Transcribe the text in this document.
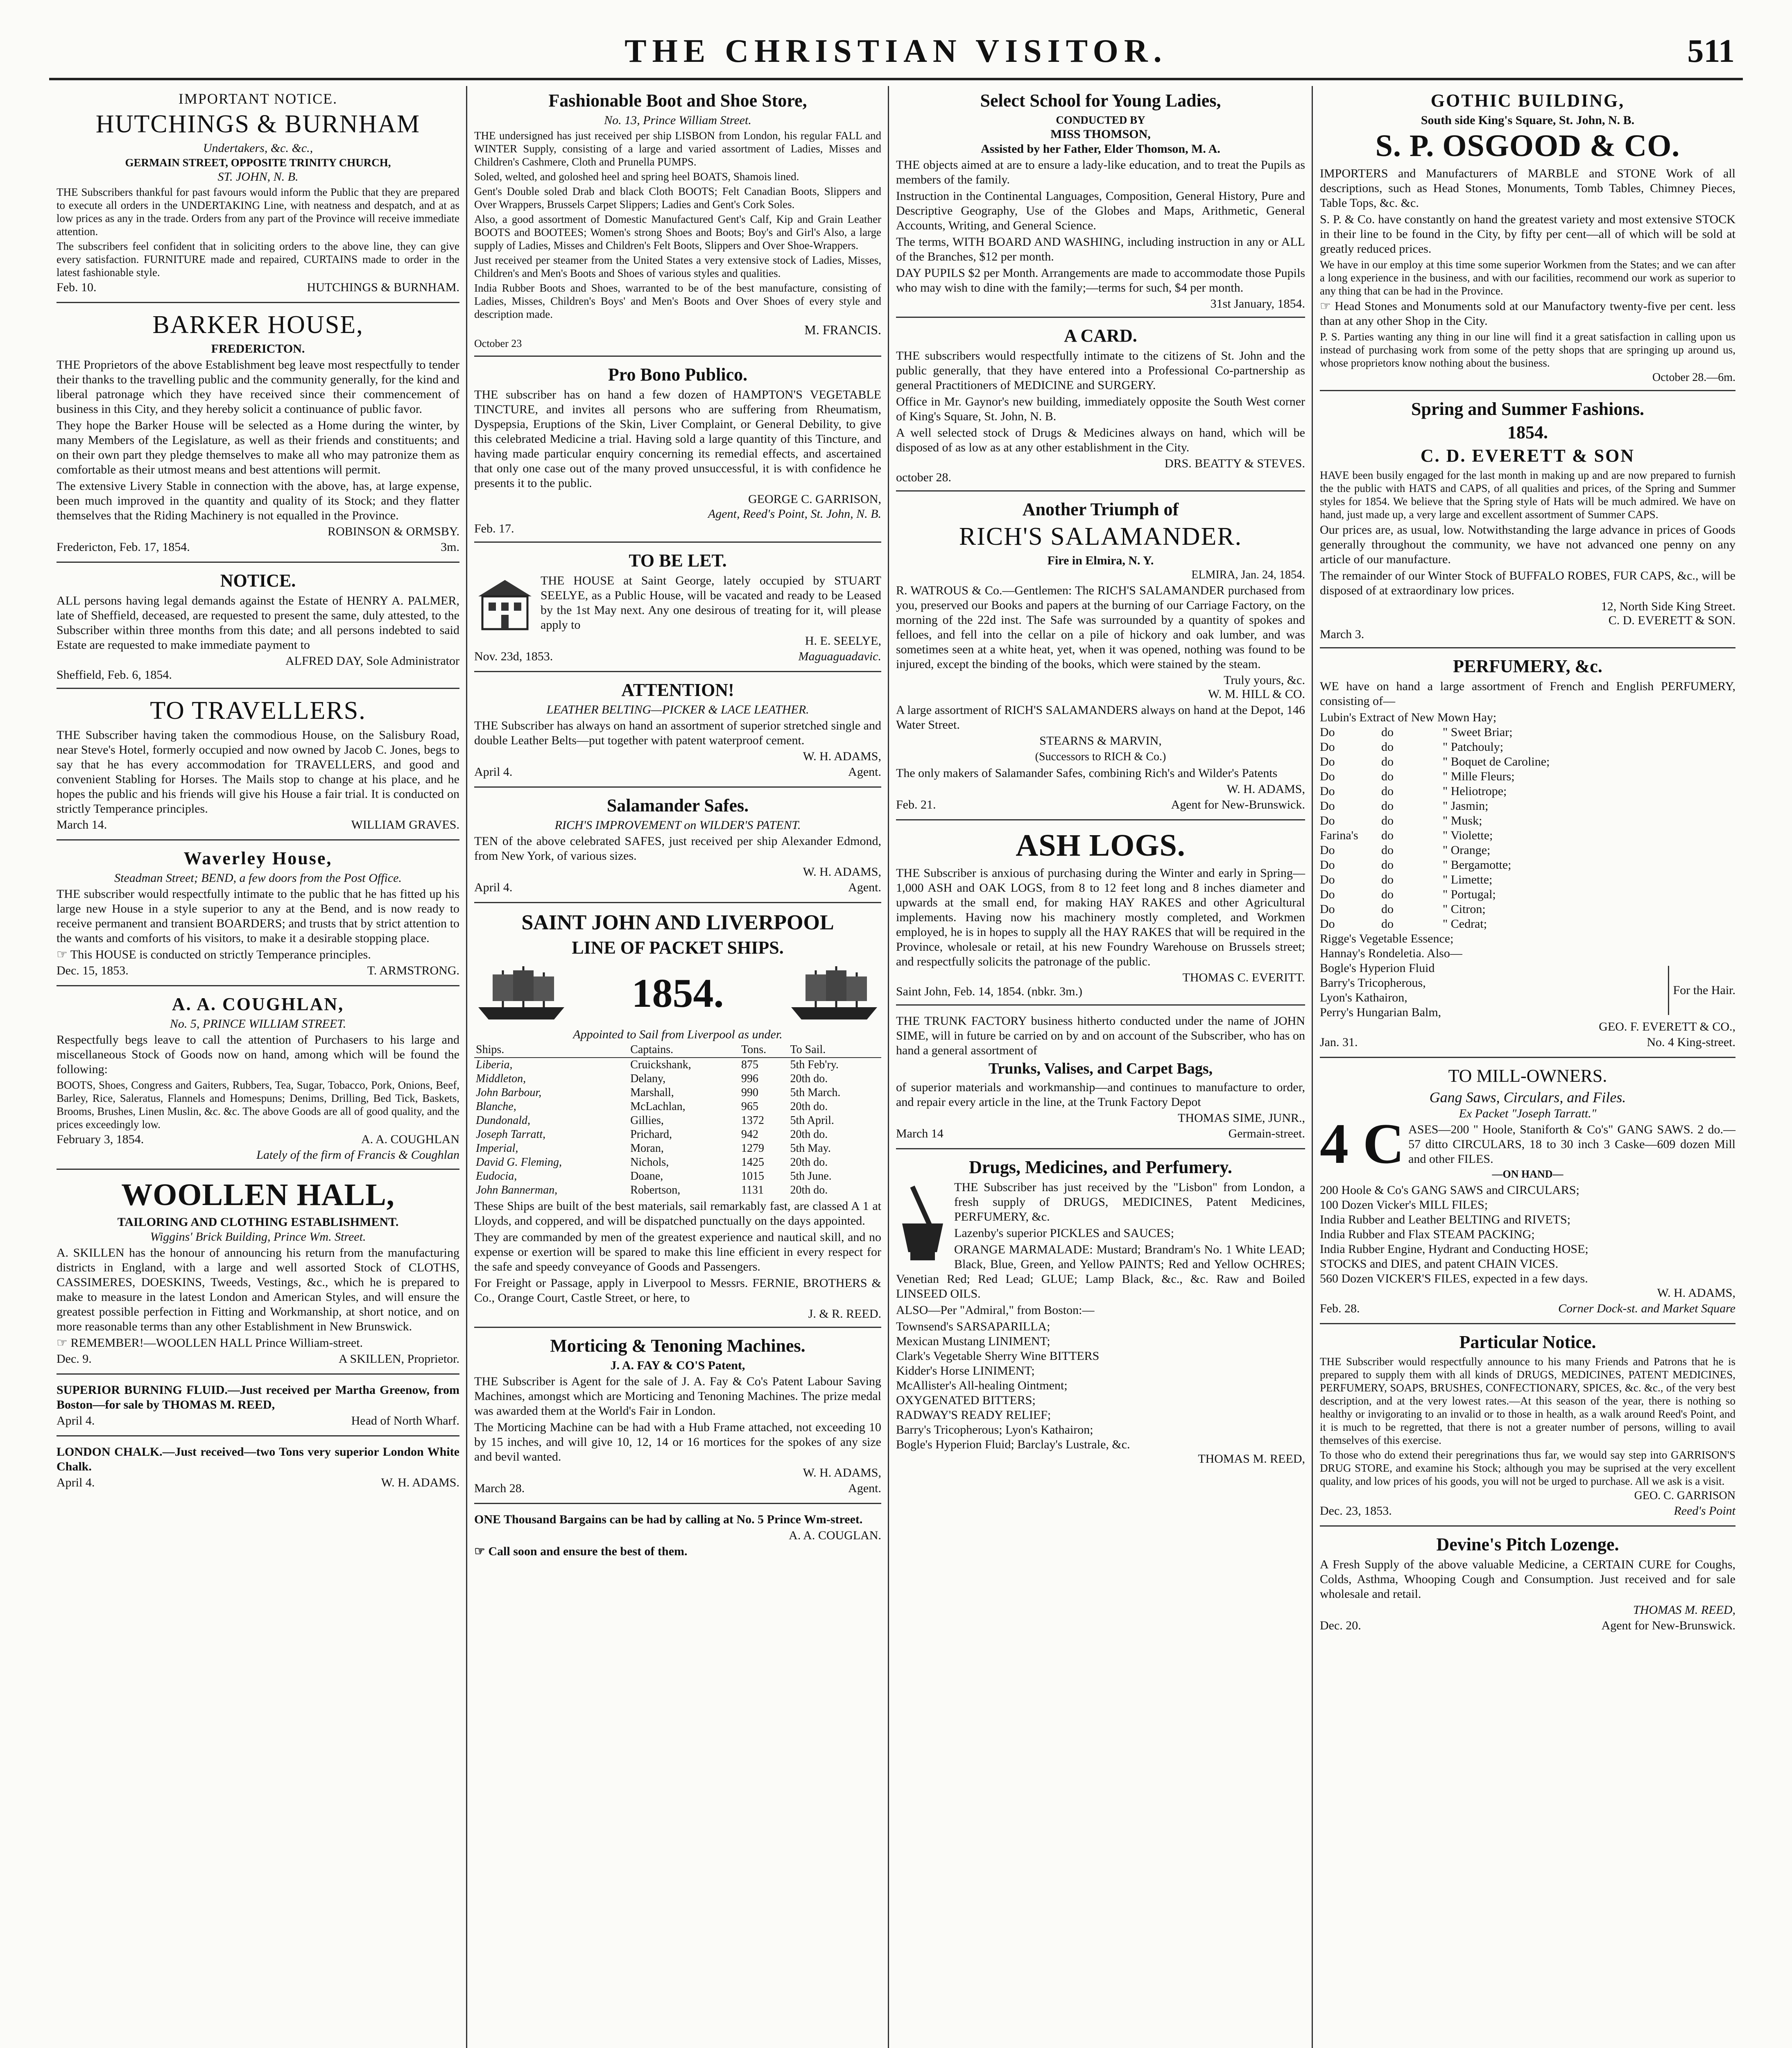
THE CHRISTIAN VISITOR.	511
IMPORTANT NOTICE.
HUTCHINGS & BURNHAM
Undertakers, &c. &c.,
GERMAIN STREET, OPPOSITE TRINITY CHURCH,
ST. JOHN, N. B.

THE Subscribers thankful for past favours would inform the Public that they are prepared to execute all orders in the UNDERTAKING Line, with neatness and despatch, and at as low prices as any in the trade. Orders from any part of the Province will receive immediate attention.

The subscribers feel confident that in soliciting orders to the above line, they can give every satisfaction. FURNITURE made and repaired, CURTAINS made to order in the latest fashionable style.

Feb. 10.	HUTCHINGS & BURNHAM.
BARKER HOUSE,
FREDERICTON.

THE Proprietors of the above Establishment beg leave most respectfully to tender their thanks to the travelling public and the community generally, for the kind and liberal patronage which they have received since their commencement of business in this City, and they hereby solicit a continuance of public favor.

They hope the Barker House will be selected as a Home during the winter, by many Members of the Legislature, as well as their friends and constituents; and on their own part they pledge themselves to make all who may patronize them as comfortable as their utmost means and best attentions will permit.

The extensive Livery Stable in connection with the above, has, at large expense, been much improved in the quantity and quality of its Stock; and they flatter themselves that the Riding Machinery is not equalled in the Province.

ROBINSON & ORMSBY.
Fredericton, Feb. 17, 1854.	3m.
NOTICE.

ALL persons having legal demands against the Estate of HENRY A. PALMER, late of Sheffield, deceased, are requested to present the same, duly attested, to the Subscriber within three months from this date; and all persons indebted to said Estate are requested to make immediate payment to

ALFRED DAY, Sole Administrator
Sheffield, Feb. 6, 1854.
TO TRAVELLERS.

THE Subscriber having taken the commodious House, on the Salisbury Road, near Steve's Hotel, formerly occupied and now owned by Jacob C. Jones, begs to say that he has every accommodation for TRAVELLERS, and good and convenient Stabling for Horses. The Mails stop to change at his place, and he hopes the public and his friends will give his House a fair trial. It is conducted on strictly Temperance principles.

March 14.	WILLIAM GRAVES.
Waverley House,
Steadman Street; BEND, a few doors from the Post Office.

THE subscriber would respectfully intimate to the public that he has fitted up his large new House in a style superior to any at the Bend, and is now ready to receive permanent and transient BOARDERS; and trusts that by strict attention to the wants and comforts of his visitors, to make it a desirable stopping place.

☞ This HOUSE is conducted on strictly Temperance principles.

Dec. 15, 1853.	T. ARMSTRONG.
A. A. COUGHLAN,
No. 5, PRINCE WILLIAM STREET.

Respectfully begs leave to call the attention of Purchasers to his large and miscellaneous Stock of Goods now on hand, among which will be found the following:

BOOTS, Shoes, Congress and Gaiters, Rubbers, Tea, Sugar, Tobacco, Pork, Onions, Beef, Barley, Rice, Saleratus, Flannels and Homespuns; Denims, Drilling, Bed Tick, Baskets, Brooms, Brushes, Linen Muslin, &c. &c. The above Goods are all of good quality, and the prices exceedingly low.

February 3, 1854.	A. A. COUGHLAN
Lately of the firm of Francis & Coughlan
WOOLLEN HALL,
TAILORING AND CLOTHING ESTABLISHMENT.
Wiggins' Brick Building, Prince Wm. Street.

A. SKILLEN has the honour of announcing his return from the manufacturing districts in England, with a large and well assorted Stock of CLOTHS, CASSIMERES, DOESKINS, Tweeds, Vestings, &c., which he is prepared to make to measure in the latest London and American Styles, and will ensure the greatest possible perfection in Fitting and Workmanship, at short notice, and on more reasonable terms than any other Establishment in New Brunswick.

☞ REMEMBER!—WOOLLEN HALL Prince William-street.

Dec. 9.	A SKILLEN, Proprietor.

SUPERIOR BURNING FLUID.—Just received per Martha Greenow, from Boston—for sale by THOMAS M. REED,

April 4.	Head of North Wharf.

LONDON CHALK.—Just received—two Tons very superior London White Chalk.

April 4.	W. H. ADAMS.
Fashionable Boot and Shoe Store,
No. 13, Prince William Street.

THE undersigned has just received per ship LISBON from London, his regular FALL and WINTER Supply, consisting of a large and varied assortment of Ladies, Misses and Children's Cashmere, Cloth and Prunella PUMPS.

Soled, welted, and goloshed heel and spring heel BOATS, Shamois lined.

Gent's Double soled Drab and black Cloth BOOTS; Felt Canadian Boots, Slippers and Over Wrappers, Brussels Carpet Slippers; Ladies and Gent's Cork Soles.

Also, a good assortment of Domestic Manufactured Gent's Calf, Kip and Grain Leather BOOTS and BOOTEES; Women's strong Shoes and Boots; Boy's and Girl's Also, a large supply of Ladies, Misses and Children's Felt Boots, Slippers and Over Shoe-Wrappers.

Just received per steamer from the United States a very extensive stock of Ladies, Misses, Children's and Men's Boots and Shoes of various styles and qualities.

India Rubber Boots and Shoes, warranted to be of the best manufacture, consisting of Ladies, Misses, Children's Boys' and Men's Boots and Over Shoes of every style and description made.

M. FRANCIS.
October 23
Pro Bono Publico.

THE subscriber has on hand a few dozen of HAMPTON'S VEGETABLE TINCTURE, and invites all persons who are suffering from Rheumatism, Dyspepsia, Eruptions of the Skin, Liver Complaint, or General Debility, to give this celebrated Medicine a trial. Having sold a large quantity of this Tincture, and having made particular enquiry concerning its remedial effects, and ascertained that only one case out of the many proved unsuccessful, it is with confidence he presents it to the public.

GEORGE C. GARRISON,
Agent, Reed's Point, St. John, N. B.
Feb. 17.
TO BE LET.

THE HOUSE at Saint George, lately occupied by STUART SEELYE, as a Public House, will be vacated and ready to be Leased by the 1st May next. Any one desirous of treating for it, will please apply to

H. E. SEELYE,
Nov. 23d, 1853.	Maguaguadavic.
ATTENTION!
LEATHER BELTING—PICKER & LACE LEATHER.

THE Subscriber has always on hand an assortment of superior stretched single and double Leather Belts—put together with patent waterproof cement.

W. H. ADAMS,
April 4.	Agent.
Salamander Safes.
RICH'S IMPROVEMENT on WILDER'S PATENT.

TEN of the above celebrated SAFES, just received per ship Alexander Edmond, from New York, of various sizes.

W. H. ADAMS,
April 4.	Agent.
SAINT JOHN AND LIVERPOOL
LINE OF PACKET SHIPS.
1854.
Appointed to Sail from Liverpool as under.
Ships.	Captains.	Tons.	To Sail.
Liberia,	Cruickshank,	875	5th Feb'ry.
Middleton,	Delany,	996	20th do.
John Barbour,	Marshall,	990	5th March.
Blanche,	McLachlan,	965	20th do.
Dundonald,	Gillies,	1372	5th April.
Joseph Tarratt,	Prichard,	942	20th do.
Imperial,	Moran,	1279	5th May.
David G. Fleming,	Nichols,	1425	20th do.
Eudocia,	Doane,	1015	5th June.
John Bannerman,	Robertson,	1131	20th do.

These Ships are built of the best materials, sail remarkably fast, are classed A 1 at Lloyds, and coppered, and will be dispatched punctually on the days appointed.

They are commanded by men of the greatest experience and nautical skill, and no expense or exertion will be spared to make this line efficient in every respect for the safe and speedy conveyance of Goods and Passengers.

For Freight or Passage, apply in Liverpool to Messrs. FERNIE, BROTHERS & Co., Orange Court, Castle Street, or here, to

J. & R. REED.
Morticing & Tenoning Machines.
J. A. FAY & CO'S Patent,

THE Subscriber is Agent for the sale of J. A. Fay & Co's Patent Labour Saving Machines, amongst which are Morticing and Tenoning Machines. The prize medal was awarded them at the World's Fair in London.

The Morticing Machine can be had with a Hub Frame attached, not exceeding 10 by 15 inches, and will give 10, 12, 14 or 16 mortices for the spokes of any size and bevil wanted.

W. H. ADAMS,
March 28.	Agent.

ONE Thousand Bargains can be had by calling at No. 5 Prince Wm-street.

A. A. COUGLAN.

☞ Call soon and ensure the best of them.

Select School for Young Ladies,
CONDUCTED BY
MISS THOMSON,
Assisted by her Father, Elder Thomson, M. A.

THE objects aimed at are to ensure a lady-like education, and to treat the Pupils as members of the family.

Instruction in the Continental Languages, Composition, General History, Pure and Descriptive Geography, Use of the Globes and Maps, Arithmetic, General Accounts, Writing, and General Science.

The terms, WITH BOARD AND WASHING, including instruction in any or ALL of the Branches, $12 per month.

DAY PUPILS $2 per Month. Arrangements are made to accommodate those Pupils who may wish to dine with the family;—terms for such, $4 per month.

31st January, 1854.
A CARD.

THE subscribers would respectfully intimate to the citizens of St. John and the public generally, that they have entered into a Professional Co-partnership as general Practitioners of MEDICINE and SURGERY.

Office in Mr. Gaynor's new building, immediately opposite the South West corner of King's Square, St. John, N. B.

A well selected stock of Drugs & Medicines always on hand, which will be disposed of as low as at any other establishment in the City.

DRS. BEATTY & STEVES.
october 28.
Another Triumph of
RICH'S SALAMANDER.
Fire in Elmira, N. Y.
ELMIRA, Jan. 24, 1854.

R. WATROUS & Co.—Gentlemen: The RICH'S SALAMANDER purchased from you, preserved our Books and papers at the burning of our Carriage Factory, on the morning of the 22d inst. The Safe was surrounded by a quantity of spokes and felloes, and fell into the cellar on a pile of hickory and oak lumber, and was sometimes seen at a white heat, yet, when it was opened, nothing was found to be injured, except the binding of the books, which were stained by the steam.

Truly yours, &c.
W. M. HILL & CO.

A large assortment of RICH'S SALAMANDERS always on hand at the Depot, 146 Water Street.

STEARNS & MARVIN,
(Successors to RICH & Co.)

The only makers of Salamander Safes, combining Rich's and Wilder's Patents

W. H. ADAMS,
Feb. 21.	Agent for New-Brunswick.
ASH LOGS.

THE Subscriber is anxious of purchasing during the Winter and early in Spring—1,000 ASH and OAK LOGS, from 8 to 12 feet long and 8 inches diameter and upwards at the small end, for making HAY RAKES and other Agricultural implements. Having now his machinery mostly completed, and Workmen employed, he is in hopes to supply all the HAY RAKES that will be required in the Province, wholesale or retail, at his new Foundry Warehouse on Brussels street; and respectfully solicits the patronage of the public.

THOMAS C. EVERITT.
Saint John, Feb. 14, 1854. (nbkr. 3m.)

THE TRUNK FACTORY business hitherto conducted under the name of JOHN SIME, will in future be carried on by and on account of the Subscriber, who has on hand a general assortment of

Trunks, Valises, and Carpet Bags,

of superior materials and workmanship—and continues to manufacture to order, and repair every article in the line, at the Trunk Factory Depot

THOMAS SIME, JUNR.,
March 14	Germain-street.
Drugs, Medicines, and Perfumery.

THE Subscriber has just received by the "Lisbon" from London, a fresh supply of DRUGS, MEDICINES, Patent Medicines, PERFUMERY, &c.

Lazenby's superior PICKLES and SAUCES;

ORANGE MARMALADE: Mustard; Brandram's No. 1 White LEAD; Black, Blue, Green, and Yellow PAINTS; Red and Yellow OCHRES; Venetian Red; Red Lead; GLUE; Lamp Black, &c., &c. Raw and Boiled LINSEED OILS.

ALSO—Per "Admiral," from Boston:—

Townsend's SARSAPARILLA;
Mexican Mustang LINIMENT;
Clark's Vegetable Sherry Wine BITTERS
Kidder's Horse LINIMENT;
McAllister's All-healing Ointment;
OXYGENATED BITTERS;
RADWAY'S READY RELIEF;
Barry's Tricopherous; Lyon's Kathairon;
Bogle's Hyperion Fluid; Barclay's Lustrale, &c.
THOMAS M. REED,
GOTHIC BUILDING,
South side King's Square, St. John, N. B.
S. P. OSGOOD & CO.

IMPORTERS and Manufacturers of MARBLE and STONE Work of all descriptions, such as Head Stones, Monuments, Tomb Tables, Chimney Pieces, Table Tops, &c. &c.

S. P. & Co. have constantly on hand the greatest variety and most extensive STOCK in their line to be found in the City, by fifty per cent—all of which will be sold at greatly reduced prices.

We have in our employ at this time some superior Workmen from the States; and we can after a long experience in the business, and with our facilities, recommend our work as superior to any thing that can be had in the Province.

☞ Head Stones and Monuments sold at our Manufactory twenty-five per cent. less than at any other Shop in the City.

P. S. Parties wanting any thing in our line will find it a great satisfaction in calling upon us instead of purchasing work from some of the petty shops that are springing up around us, whose proprietors know nothing about the business.

October 28.—6m.
Spring and Summer Fashions.
1854.
C. D. EVERETT & SON

HAVE been busily engaged for the last month in making up and are now prepared to furnish the the public with HATS and CAPS, of all qualities and prices, of the Spring and Summer styles for 1854. We believe that the Spring style of Hats will be much admired. We have on hand, just made up, a very large and excellent assortment of Summer CAPS.

Our prices are, as usual, low. Notwithstanding the large advance in prices of Goods generally throughout the community, we have not advanced one penny on any article of our manufacture.

The remainder of our Winter Stock of BUFFALO ROBES, FUR CAPS, &c., will be disposed of at extraordinary low prices.

12, North Side King Street.
C. D. EVERETT & SON.
March 3.
PERFUMERY, &c.

WE have on hand a large assortment of French and English PERFUMERY, consisting of—

Lubin's Extract of New Mown Hay;
Do	do	" Sweet Briar;
Do	do	" Patchouly;
Do	do	" Boquet de Caroline;
Do	do	" Mille Fleurs;
Do	do	" Heliotrope;
Do	do	" Jasmin;
Do	do	" Musk;
Farina's	do	" Violette;
Do	do	" Orange;
Do	do	" Bergamotte;
Do	do	" Limette;
Do	do	" Portugal;
Do	do	" Citron;
Do	do	" Cedrat;
Rigge's Vegetable Essence;
Hannay's Rondeletia. Also—
Bogle's Hyperion Fluid
Barry's Tricopherous,
Lyon's Kathairon,
Perry's Hungarian Balm,
For the Hair.
GEO. F. EVERETT & CO.,
Jan. 31.	No. 4 King-street.
TO MILL-OWNERS.
Gang Saws, Circulars, and Files.
Ex Packet "Joseph Tarratt."
4 C ASES—200 " Hoole, Staniforth & Co's" GANG SAWS. 2 do.—57 ditto CIRCULARS, 18 to 30 inch 3 Caske—609 dozen Mill and other FILES.

—ON HAND—
200 Hoole & Co's GANG SAWS and CIRCULARS;
100 Dozen Vicker's MILL FILES;
India Rubber and Leather BELTING and RIVETS;
India Rubber and Flax STEAM PACKING;
India Rubber Engine, Hydrant and Conducting HOSE;
STOCKS and DIES, and patent CHAIN VICES.
560 Dozen VICKER'S FILES, expected in a few days.
W. H. ADAMS,
Feb. 28.	Corner Dock-st. and Market Square
Particular Notice.

THE Subscriber would respectfully announce to his many Friends and Patrons that he is prepared to supply them with all kinds of DRUGS, MEDICINES, PATENT MEDICINES, PERFUMERY, SOAPS, BRUSHES, CONFECTIONARY, SPICES, &c. &c., of the very best description, and at the very lowest rates.—At this season of the year, there is nothing so healthy or invigorating to an invalid or to those in health, as a walk around Reed's Point, and it is much to be regretted, that there is not a greater number of persons, willing to avail themselves of this exercise.

To those who do extend their peregrinations thus far, we would say step into GARRISON'S DRUG STORE, and examine his Stock; although you may be suprised at the very excellent quality, and low prices of his goods, you will not be urged to purchase. All we ask is a visit.

GEO. C. GARRISON
Dec. 23, 1853.	Reed's Point
Devine's Pitch Lozenge.

A Fresh Supply of the above valuable Medicine, a CERTAIN CURE for Coughs, Colds, Asthma, Whooping Cough and Consumption. Just received and for sale wholesale and retail.

THOMAS M. REED,
Dec. 20.	Agent for New-Brunswick.
